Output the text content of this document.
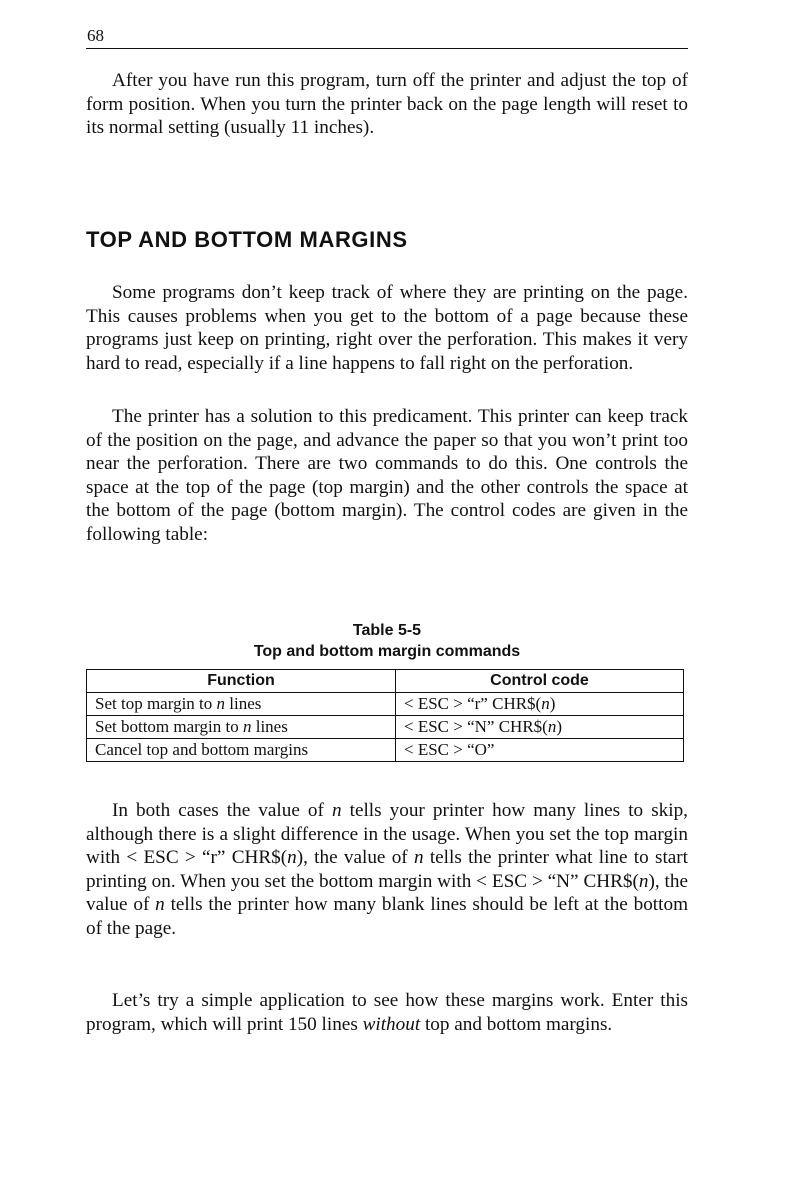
68

After you have run this program, turn off the printer and adjust the top of form position. When you turn the printer back on the page length will reset to its normal setting (usually 11 inches).

TOP AND BOTTOM MARGINS

Some programs don’t keep track of where they are printing on the page. This causes problems when you get to the bottom of a page because these programs just keep on printing, right over the perforation. This makes it very hard to read, especially if a line happens to fall right on the perforation.

The printer has a solution to this predicament. This printer can keep track of the position on the page, and advance the paper so that you won’t print too near the perforation. There are two commands to do this. One controls the space at the top of the page (top margin) and the other controls the space at the bottom of the page (bottom margin). The control codes are given in the following table:

Table 5-5
Top and bottom margin commands
Function	Control code
Set top margin to n lines	< ESC > “r” CHR$(n)
Set bottom margin to n lines	< ESC > “N” CHR$(n)
Cancel top and bottom margins	< ESC > “O”

In both cases the value of n tells your printer how many lines to skip, although there is a slight difference in the usage. When you set the top margin with < ESC > “r” CHR$(n), the value of n tells the printer what line to start printing on. When you set the bottom margin with < ESC > “N” CHR$(n), the value of n tells the printer how many blank lines should be left at the bottom of the page.

Let’s try a simple application to see how these margins work. Enter this program, which will print 150 lines without top and bottom margins.
